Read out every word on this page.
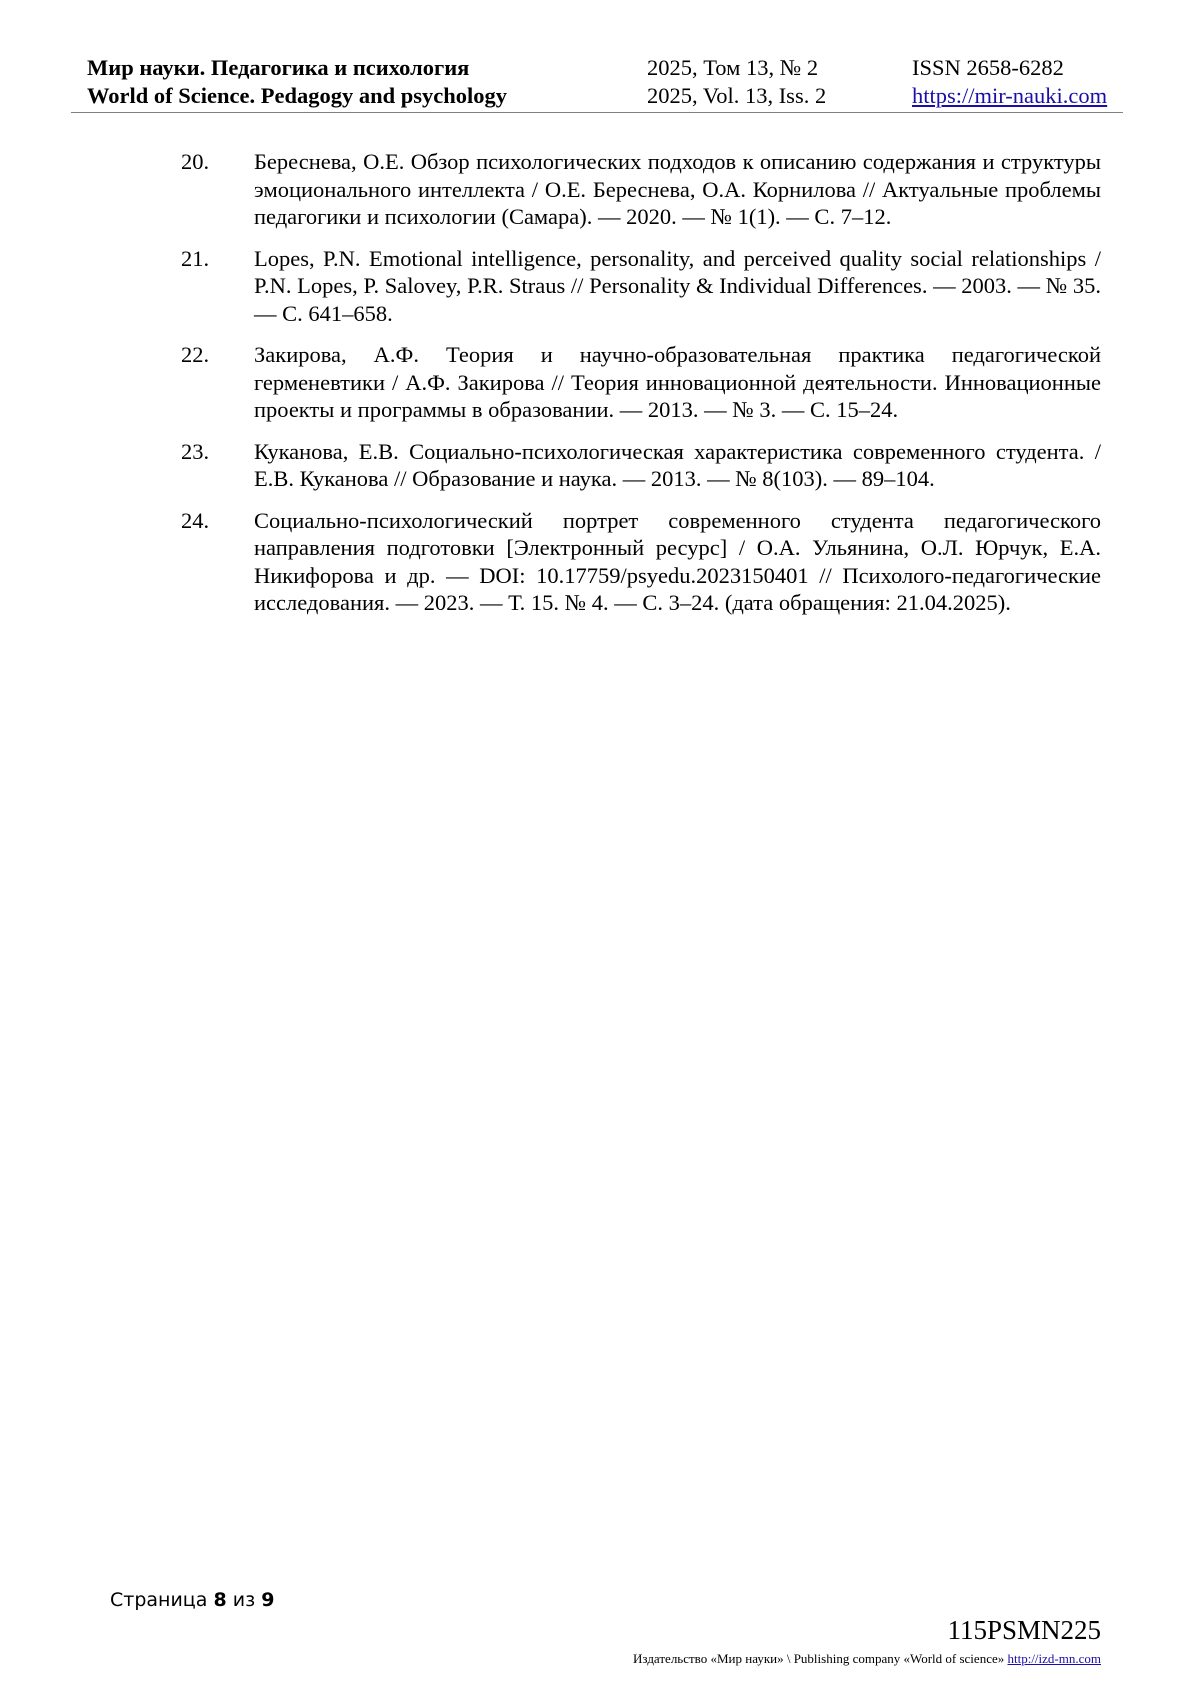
Мир науки. Педагогика и психология
World of Science. Pedagogy and psychology
2025, Том 13, № 2
2025, Vol. 13, Iss. 2
ISSN 2658-6282
https://mir-nauki.com
20. Береснева, О.Е. Обзор психологических подходов к описанию содержания и структуры эмоционального интеллекта / О.Е. Береснева, О.А. Корнилова // Актуальные проблемы педагогики и психологии (Самара). — 2020. — № 1(1). — С. 7–12.
21. Lopes, P.N. Emotional intelligence, personality, and perceived quality social relationships / P.N. Lopes, P. Salovey, P.R. Straus // Personality & Individual Differences. — 2003. — № 35. — С. 641–658.
22. Закирова, А.Ф. Теория и научно-образовательная практика педагогической герменевтики / А.Ф. Закирова // Теория инновационной деятельности. Инновационные проекты и программы в образовании. — 2013. — № 3. — С. 15–24.
23. Куканова, Е.В. Социально-психологическая характеристика современного студента. / Е.В. Куканова // Образование и наука. — 2013. — № 8(103). — 89–104.
24. Социально-психологический портрет современного студента педагогического направления подготовки [Электронный ресурс] / О.А. Ульянина, О.Л. Юрчук, Е.А. Никифорова и др. — DOI: 10.17759/psyedu.2023150401 // Психолого-педагогические исследования. — 2023. — Т. 15. № 4. — С. 3–24. (дата обращения: 21.04.2025).
Страница 8 из 9
115PSMN225
Издательство «Мир науки» \ Publishing company «World of science» http://izd-mn.com
